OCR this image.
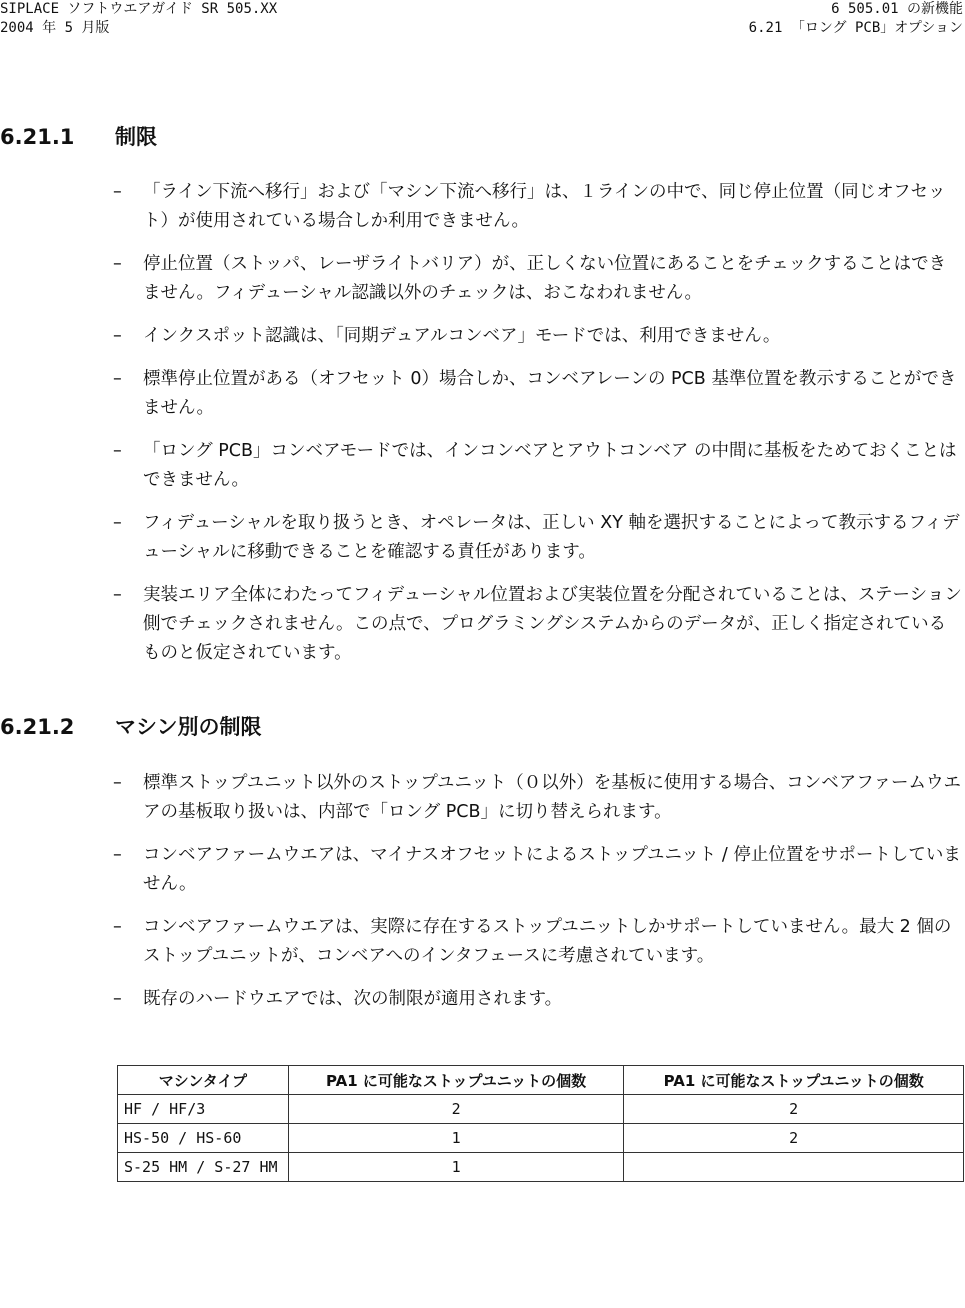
SIPLACE ソフトウエアガイド SR 505.XX
2004 年 5 月版
6 505.01 の新機能
6.21 「ロング PCB」オプション
6.21.1 制限
– 「ライン下流へ移行」および「マシン下流へ移行」は、１ラインの中で、同じ停止位置（同じオフセット）が使用されている場合しか利用できません。
– 停止位置（ストッパ、レーザライトバリア）が、正しくない位置にあることをチェックすることはできません。フィデューシャル認識以外のチェックは、おこなわれません。
– インクスポット認識は、「同期デュアルコンベア」モードでは、利用できません。
– 標準停止位置がある（オフセット 0）場合しか、コンベアレーンの PCB 基準位置を教示することができません。
– 「ロング PCB」コンベアモードでは、インコンベアとアウトコンベア の中間に基板をためておくことはできません。
– フィデューシャルを取り扱うとき、オペレータは、正しい XY 軸を選択することによって教示するフィデューシャルに移動できることを確認する責任があります。
– 実装エリア全体にわたってフィデューシャル位置および実装位置を分配されていることは、ステーション側でチェックされません。この点で、プログラミングシステムからのデータが、正しく指定されているものと仮定されています。
6.21.2 マシン別の制限
– 標準ストップユニット以外のストップユニット（０以外）を基板に使用する場合、コンベアファームウエアの基板取り扱いは、内部で「ロング PCB」に切り替えられます。
– コンベアファームウエアは、マイナスオフセットによるストップユニット / 停止位置をサポートしていません。
– コンベアファームウエアは、実際に存在するストップユニットしかサポートしていません。最大 2 個のストップユニットが、コンベアへのインタフェースに考慮されています。
– 既存のハードウエアでは、次の制限が適用されます。
マシンタイプ	PA1 に可能なストップユニットの個数	PA1 に可能なストップユニットの個数
HF / HF/3	2	2
HS-50 / HS-60	1	2
S-25 HM / S-27 HM	1	
